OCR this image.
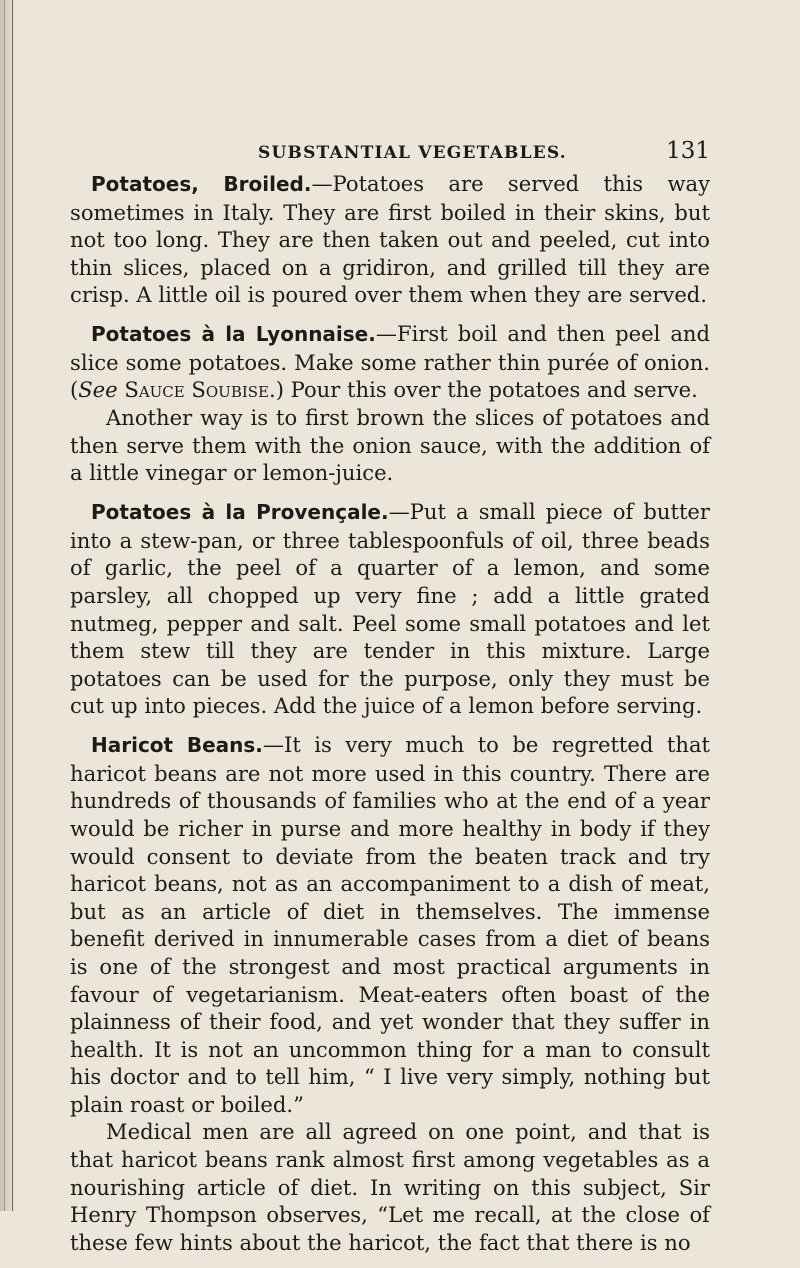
SUBSTANTIAL VEGETABLES.	131

Potatoes, Broiled.—Potatoes are served this way sometimes in Italy. They are first boiled in their skins, but not too long. They are then taken out and peeled, cut into thin slices, placed on a gridiron, and grilled till they are crisp. A little oil is poured over them when they are served.

Potatoes à la Lyonnaise.—First boil and then peel and slice some potatoes. Make some rather thin purée of onion. (See Sauce Soubise.) Pour this over the potatoes and serve.

Another way is to first brown the slices of potatoes and then serve them with the onion sauce, with the addition of a little vinegar or lemon-juice.

Potatoes à la Provençale.—Put a small piece of butter into a stew-pan, or three tablespoonfuls of oil, three beads of garlic, the peel of a quarter of a lemon, and some parsley, all chopped up very fine ; add a little grated nutmeg, pepper and salt. Peel some small potatoes and let them stew till they are tender in this mixture. Large potatoes can be used for the purpose, only they must be cut up into pieces. Add the juice of a lemon before serving.

Haricot Beans.—It is very much to be regretted that haricot beans are not more used in this country. There are hundreds of thousands of families who at the end of a year would be richer in purse and more healthy in body if they would consent to deviate from the beaten track and try haricot beans, not as an accompaniment to a dish of meat, but as an article of diet in themselves. The immense benefit derived in innumerable cases from a diet of beans is one of the strongest and most practical arguments in favour of vegetarianism. Meat-eaters often boast of the plainness of their food, and yet wonder that they suffer in health. It is not an uncommon thing for a man to consult his doctor and to tell him, “ I live very simply, nothing but plain roast or boiled.”

Medical men are all agreed on one point, and that is that haricot beans rank almost first among vegetables as a nourishing article of diet. In writing on this subject, Sir Henry Thompson observes, “Let me recall, at the close of these few hints about the haricot, the fact that there is no
